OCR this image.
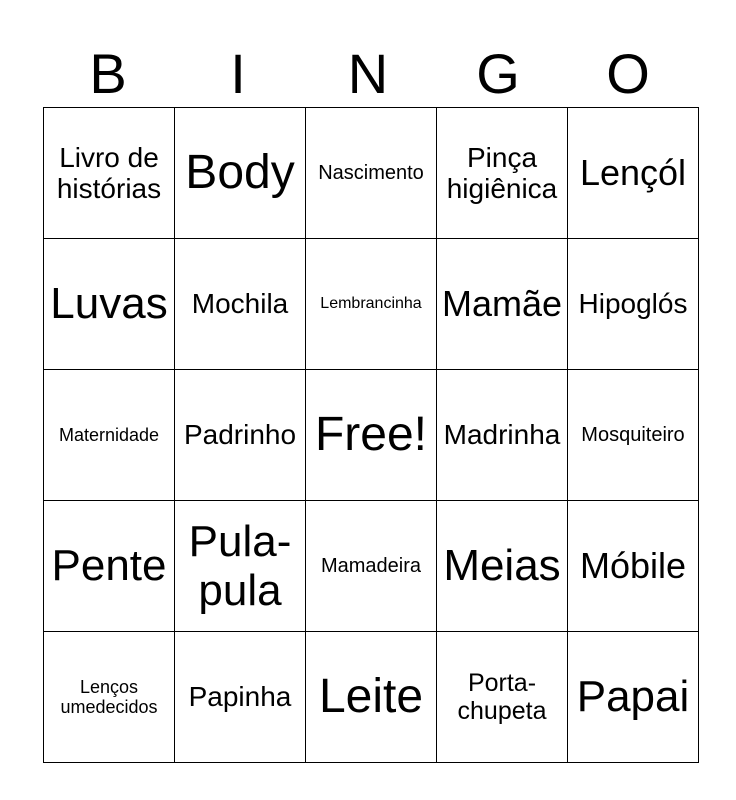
B	I	N	G	O
Livro de histórias	Body	Nascimento	Pinça higiênica	Lençól
Luvas	Mochila	Lembrancinha	Mamãe	Hipoglós
Maternidade	Padrinho	Free!	Madrinha	Mosquiteiro
Pente	Pula-pula	Mamadeira	Meias	Móbile
Lenços umedecidos	Papinha	Leite	Porta-chupeta	Papai
